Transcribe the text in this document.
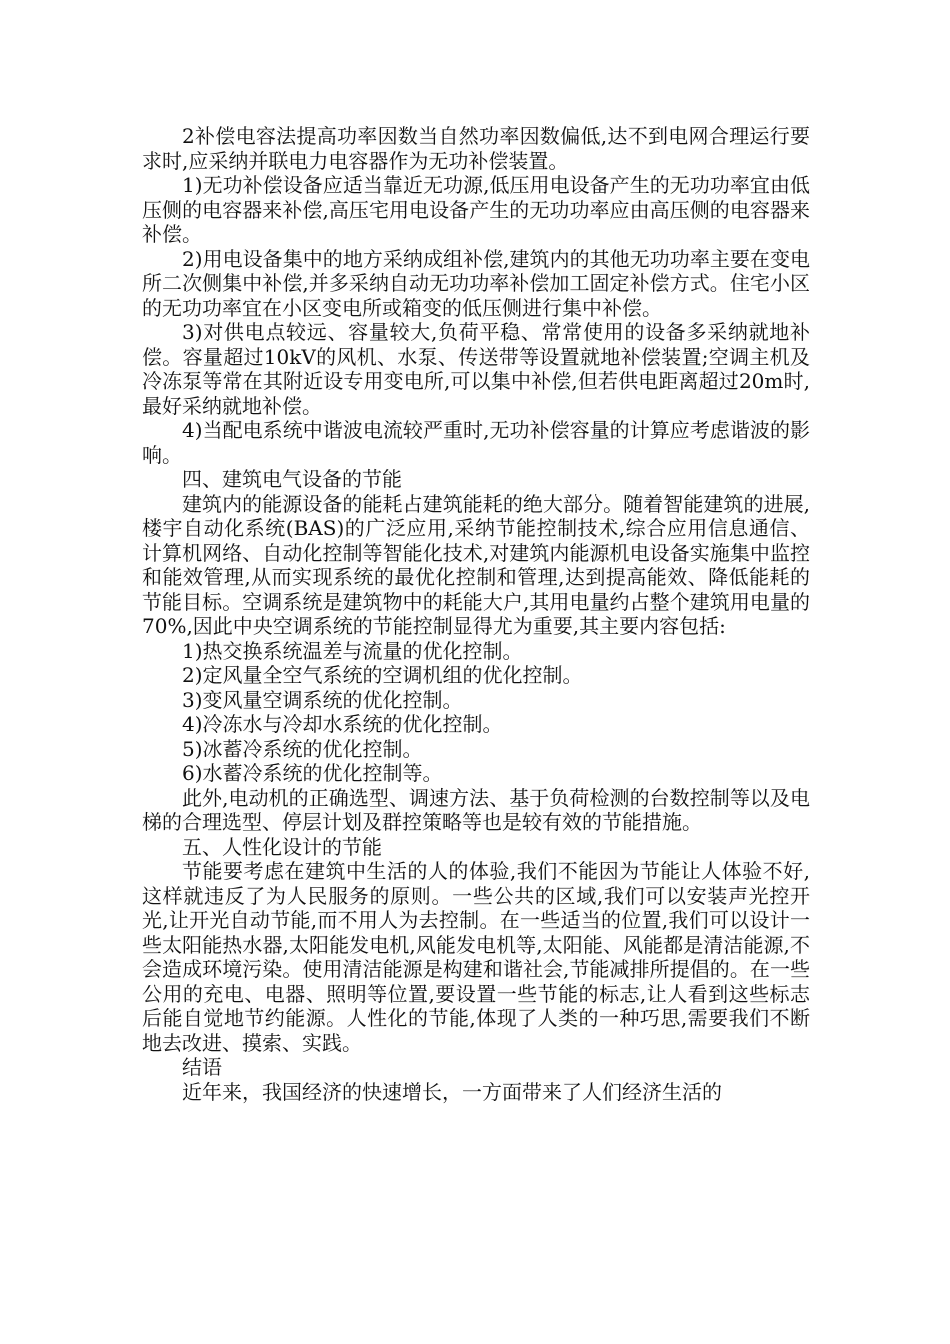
2补偿电容法提高功率因数当自然功率因数偏低,达不到电网合理运行要求时,应采纳并联电力电容器作为无功补偿装置。

1)无功补偿设备应适当靠近无功源,低压用电设备产生的无功功率宜由低压侧的电容器来补偿,高压宅用电设备产生的无功功率应由高压侧的电容器来补偿。

2)用电设备集中的地方采纳成组补偿,建筑内的其他无功功率主要在变电所二次侧集中补偿,并多采纳自动无功功率补偿加工固定补偿方式。住宅小区的无功功率宜在小区变电所或箱变的低压侧进行集中补偿。

3)对供电点较远、容量较大,负荷平稳、常常使用的设备多采纳就地补偿。容量超过10kV的风机、水泵、传送带等设置就地补偿装置;空调主机及冷冻泵等常在其附近设专用变电所,可以集中补偿,但若供电距离超过20m时,最好采纳就地补偿。

4)当配电系统中谐波电流较严重时,无功补偿容量的计算应考虑谐波的影响。

四、建筑电气设备的节能

建筑内的能源设备的能耗占建筑能耗的绝大部分。随着智能建筑的进展,楼宇自动化系统(BAS)的广泛应用,采纳节能控制技术,综合应用信息通信、计算机网络、自动化控制等智能化技术,对建筑内能源机电设备实施集中监控和能效管理,从而实现系统的最优化控制和管理,达到提高能效、降低能耗的节能目标。空调系统是建筑物中的耗能大户,其用电量约占整个建筑用电量的70%,因此中央空调系统的节能控制显得尤为重要,其主要内容包括:

1)热交换系统温差与流量的优化控制。

2)定风量全空气系统的空调机组的优化控制。

3)变风量空调系统的优化控制。

4)冷冻水与冷却水系统的优化控制。

5)冰蓄冷系统的优化控制。

6)水蓄冷系统的优化控制等。

此外,电动机的正确选型、调速方法、基于负荷检测的台数控制等以及电梯的合理选型、停层计划及群控策略等也是较有效的节能措施。

五、人性化设计的节能

节能要考虑在建筑中生活的人的体验,我们不能因为节能让人体验不好,这样就违反了为人民服务的原则。一些公共的区域,我们可以安装声光控开光,让开光自动节能,而不用人为去控制。在一些适当的位置,我们可以设计一些太阳能热水器,太阳能发电机,风能发电机等,太阳能、风能都是清洁能源,不会造成环境污染。使用清洁能源是构建和谐社会,节能减排所提倡的。在一些公用的充电、电器、照明等位置,要设置一些节能的标志,让人看到这些标志后能自觉地节约能源。人性化的节能,体现了人类的一种巧思,需要我们不断地去改进、摸索、实践。

结语

近年来，我国经济的快速增长，一方面带来了人们经济生活的
